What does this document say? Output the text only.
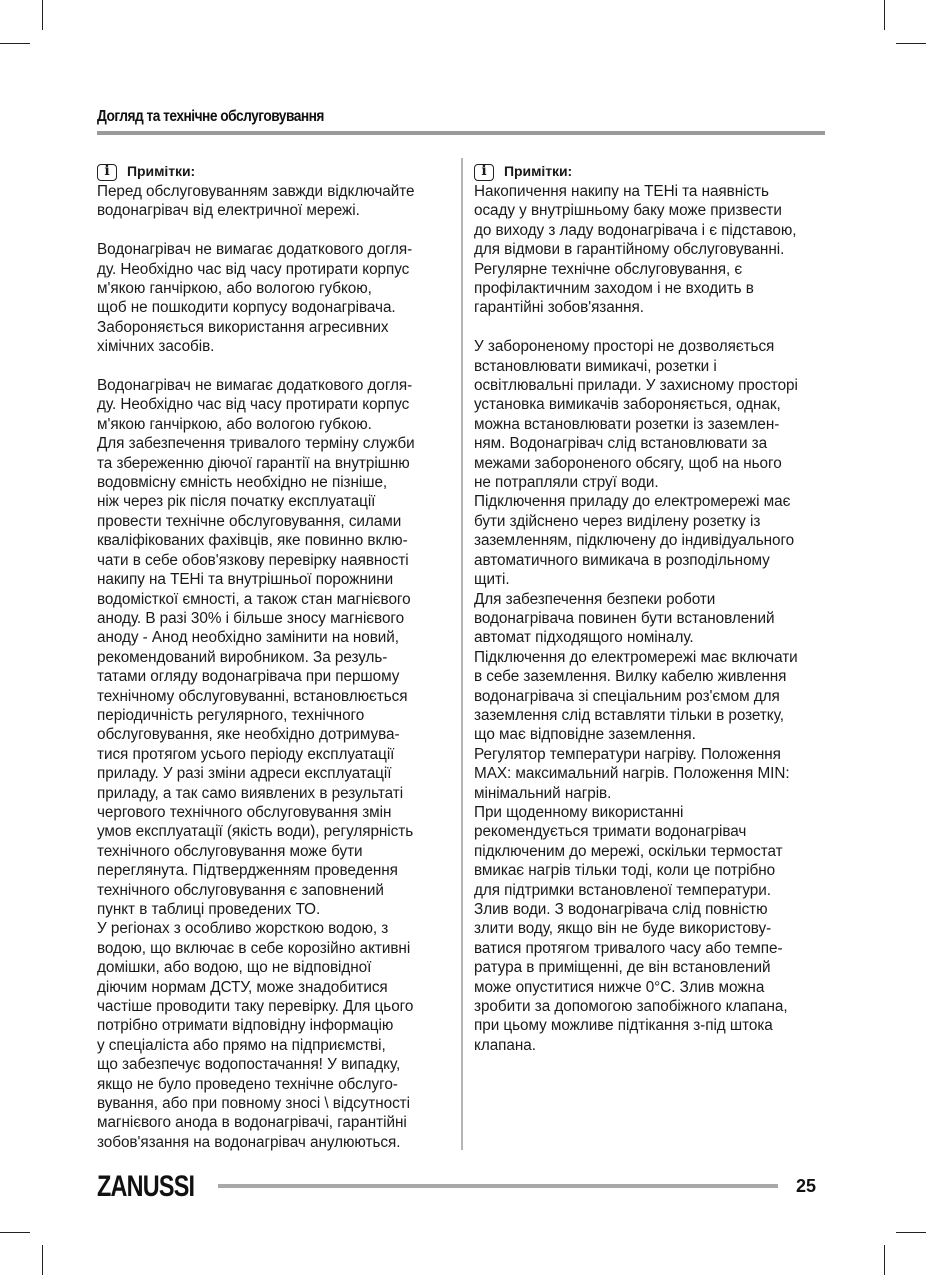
Догляд та технічне обслуговування
i	Примітки:
Перед обслуговуванням завжди відключайте
водонагрівач від електричної мережі.
Водонагрівач не вимагає додаткового догля-
ду. Необхідно час від часу протирати корпус
м'якою ганчіркою, або вологою губкою,
щоб не пошкодити корпусу водонагрівача.
Забороняється використання агресивних
хімічних засобів.
Водонагрівач не вимагає додаткового догля-
ду. Необхідно час від часу протирати корпус
м'якою ганчіркою, або вологою губкою.
Для забезпечення тривалого терміну служби
та збереженню діючої гарантії на внутрішню
водовмісну ємність необхідно не пізніше,
ніж через рік після початку експлуатації
провести технічне обслуговування, силами
кваліфікованих фахівців, яке повинно вклю-
чати в себе обов'язкову перевірку наявності
накипу на ТЕНі та внутрішньої порожнини
водомісткої ємності, а також стан магнієвого
аноду. В разі 30% і більше зносу магнієвого
аноду - Анод необхідно замінити на новий,
рекомендований виробником. За резуль-
татами огляду водонагрівача при першому
технічному обслуговуванні, встановлюється
періодичність регулярного, технічного
обслуговування, яке необхідно дотримува-
тися протягом усього періоду експлуатації
приладу. У разі зміни адреси експлуатації
приладу, а так само виявлених в результаті
чергового технічного обслуговування змін
умов експлуатації (якість води), регулярність
технічного обслуговування може бути
переглянута. Підтвердженням проведення
технічного обслуговування є заповнений
пункт в таблиці проведених ТО.
У регіонах з особливо жорсткою водою, з
водою, що включає в себе корозійно активні
домішки, або водою, що не відповідної
діючим нормам ДСТУ, може знадобитися
частіше проводити таку перевірку. Для цього
потрібно отримати відповідну інформацію
у спеціаліста або прямо на підприємстві,
що забезпечує водопостачання! У випадку,
якщо не було проведено технічне обслуго-
вування, або при повному зносі \ відсутності
магнієвого анода в водонагрівачі, гарантійні
зобов'язання на водонагрівач анулюються.
i	Примітки:
Накопичення накипу на ТЕНі та наявність
осаду у внутрішньому баку може призвести
до виходу з ладу водонагрівача і є підставою,
для відмови в гарантійному обслуговуванні.
Регулярне технічне обслуговування, є
профілактичним заходом і не входить в
гарантійні зобов'язання.
У забороненому просторі не дозволяється
встановлювати вимикачі, розетки і
освітлювальні прилади. У захисному просторі
установка вимикачів забороняється, однак,
можна встановлювати розетки із заземлен-
ням. Водонагрівач слід встановлювати за
межами забороненого обсягу, щоб на нього
не потрапляли струї води.
Підключення приладу до електромережі має
бути здійснено через виділену розетку із
заземленням, підключену до індивідуального
автоматичного вимикача в розподільному
щиті.
Для забезпечення безпеки роботи
водонагрівача повинен бути встановлений
автомат підходящого номіналу.
Підключення до електромережі має включати
в себе заземлення. Вилку кабелю живлення
водонагрівача зі спеціальним роз'ємом для
заземлення слід вставляти тільки в розетку,
що має відповідне заземлення.
Регулятор температури нагріву. Положення
MAX: максимальний нагрів. Положення MIN:
мінімальний нагрів.
При щоденному використанні
рекомендується тримати водонагрівач
підключеним до мережі, оскільки термостат
вмикає нагрів тільки тоді, коли це потрібно
для підтримки встановленої температури.
Злив води. З водонагрівача слід повністю
злити воду, якщо він не буде використову-
ватися протягом тривалого часу або темпе-
ратура в приміщенні, де він встановлений
може опуститися нижче 0°C. Злив можна
зробити за допомогою запобіжного клапана,
при цьому можливе підтікання з-під штока
клапана.
ZANUSSI	25
